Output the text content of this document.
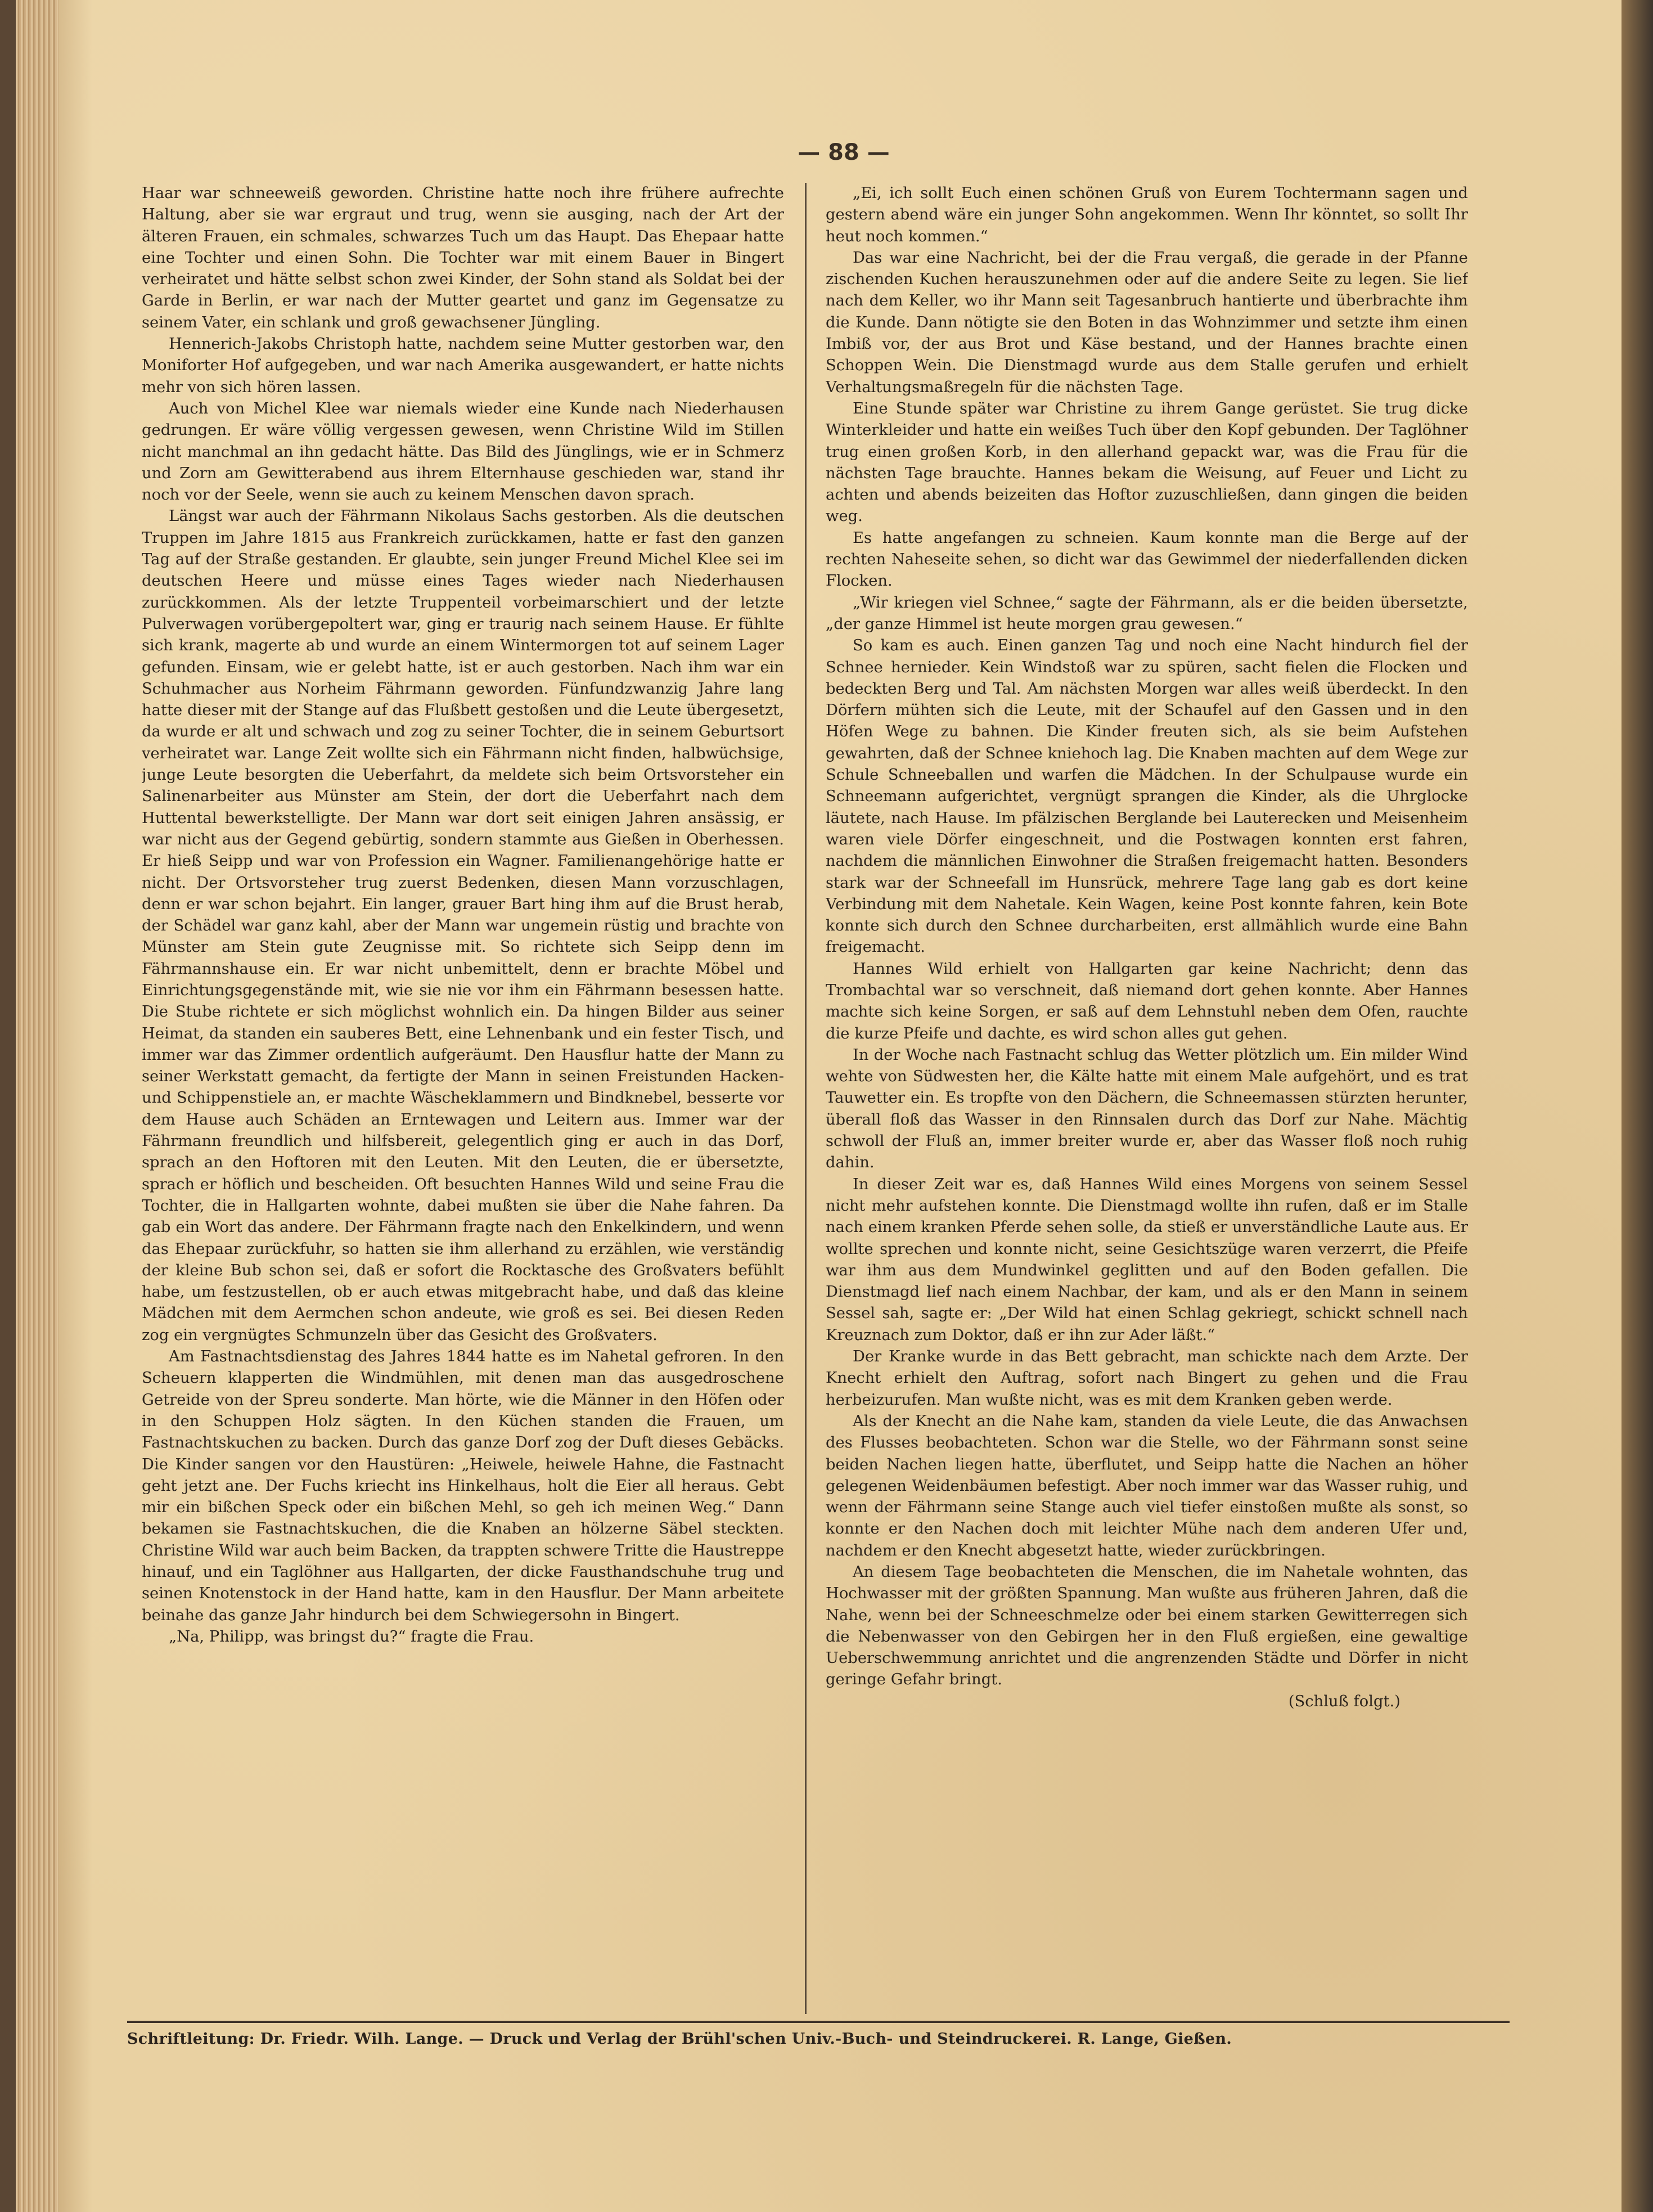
— 88 —

Haar war schneeweiß geworden. Christine hatte noch ihre frühere aufrechte Haltung, aber sie war ergraut und trug, wenn sie ausging, nach der Art der älteren Frauen, ein schmales, schwarzes Tuch um das Haupt. Das Ehepaar hatte eine Tochter und einen Sohn. Die Tochter war mit einem Bauer in Bingert verheiratet und hätte selbst schon zwei Kinder, der Sohn stand als Soldat bei der Garde in Berlin, er war nach der Mutter geartet und ganz im Gegensatze zu seinem Vater, ein schlank und groß gewachsener Jüngling.

Hennerich-Jakobs Christoph hatte, nachdem seine Mutter gestorben war, den Moniforter Hof aufgegeben, und war nach Amerika ausgewandert, er hatte nichts mehr von sich hören lassen.

Auch von Michel Klee war niemals wieder eine Kunde nach Niederhausen gedrungen. Er wäre völlig vergessen gewesen, wenn Christine Wild im Stillen nicht manchmal an ihn gedacht hätte. Das Bild des Jünglings, wie er in Schmerz und Zorn am Gewitterabend aus ihrem Elternhause geschieden war, stand ihr noch vor der Seele, wenn sie auch zu keinem Menschen davon sprach.

Längst war auch der Fährmann Nikolaus Sachs gestorben. Als die deutschen Truppen im Jahre 1815 aus Frankreich zurückkamen, hatte er fast den ganzen Tag auf der Straße gestanden. Er glaubte, sein junger Freund Michel Klee sei im deutschen Heere und müsse eines Tages wieder nach Niederhausen zurückkommen. Als der letzte Truppenteil vorbeimarschiert und der letzte Pulverwagen vorübergepoltert war, ging er traurig nach seinem Hause. Er fühlte sich krank, magerte ab und wurde an einem Wintermorgen tot auf seinem Lager gefunden. Einsam, wie er gelebt hatte, ist er auch gestorben. Nach ihm war ein Schuhmacher aus Norheim Fährmann geworden. Fünfundzwanzig Jahre lang hatte dieser mit der Stange auf das Flußbett gestoßen und die Leute übergesetzt, da wurde er alt und schwach und zog zu seiner Tochter, die in seinem Geburtsort verheiratet war. Lange Zeit wollte sich ein Fährmann nicht finden, halbwüchsige, junge Leute besorgten die Ueberfahrt, da meldete sich beim Ortsvorsteher ein Salinenarbeiter aus Münster am Stein, der dort die Ueberfahrt nach dem Huttental bewerkstelligte. Der Mann war dort seit einigen Jahren ansässig, er war nicht aus der Gegend gebürtig, sondern stammte aus Gießen in Oberhessen. Er hieß Seipp und war von Profession ein Wagner. Familienangehörige hatte er nicht. Der Ortsvorsteher trug zuerst Bedenken, diesen Mann vorzuschlagen, denn er war schon bejahrt. Ein langer, grauer Bart hing ihm auf die Brust herab, der Schädel war ganz kahl, aber der Mann war ungemein rüstig und brachte von Münster am Stein gute Zeugnisse mit. So richtete sich Seipp denn im Fährmannshause ein. Er war nicht unbemittelt, denn er brachte Möbel und Einrichtungsgegenstände mit, wie sie nie vor ihm ein Fährmann besessen hatte. Die Stube richtete er sich möglichst wohnlich ein. Da hingen Bilder aus seiner Heimat, da standen ein sauberes Bett, eine Lehnenbank und ein fester Tisch, und immer war das Zimmer ordentlich aufgeräumt. Den Hausflur hatte der Mann zu seiner Werkstatt gemacht, da fertigte der Mann in seinen Freistunden Hacken- und Schippenstiele an, er machte Wäscheklammern und Bindknebel, besserte vor dem Hause auch Schäden an Erntewagen und Leitern aus. Immer war der Fährmann freundlich und hilfsbereit, gelegentlich ging er auch in das Dorf, sprach an den Hoftoren mit den Leuten. Mit den Leuten, die er übersetzte, sprach er höflich und bescheiden. Oft besuchten Hannes Wild und seine Frau die Tochter, die in Hallgarten wohnte, dabei mußten sie über die Nahe fahren. Da gab ein Wort das andere. Der Fährmann fragte nach den Enkelkindern, und wenn das Ehepaar zurückfuhr, so hatten sie ihm allerhand zu erzählen, wie verständig der kleine Bub schon sei, daß er sofort die Rocktasche des Großvaters befühlt habe, um festzustellen, ob er auch etwas mitgebracht habe, und daß das kleine Mädchen mit dem Aermchen schon andeute, wie groß es sei. Bei diesen Reden zog ein vergnügtes Schmunzeln über das Gesicht des Großvaters.

Am Fastnachtsdienstag des Jahres 1844 hatte es im Nahetal gefroren. In den Scheuern klapperten die Windmühlen, mit denen man das ausgedroschene Getreide von der Spreu sonderte. Man hörte, wie die Männer in den Höfen oder in den Schuppen Holz sägten. In den Küchen standen die Frauen, um Fastnachtskuchen zu backen. Durch das ganze Dorf zog der Duft dieses Gebäcks. Die Kinder sangen vor den Haustüren: „Heiwele, heiwele Hahne, die Fastnacht geht jetzt ane. Der Fuchs kriecht ins Hinkelhaus, holt die Eier all heraus. Gebt mir ein bißchen Speck oder ein bißchen Mehl, so geh ich meinen Weg.“ Dann bekamen sie Fastnachtskuchen, die die Knaben an hölzerne Säbel steckten. Christine Wild war auch beim Backen, da trappten schwere Tritte die Haustreppe hinauf, und ein Taglöhner aus Hallgarten, der dicke Fausthandschuhe trug und seinen Knotenstock in der Hand hatte, kam in den Hausflur. Der Mann arbeitete beinahe das ganze Jahr hindurch bei dem Schwiegersohn in Bingert.

„Na, Philipp, was bringst du?“ fragte die Frau.

„Ei, ich sollt Euch einen schönen Gruß von Eurem Tochtermann sagen und gestern abend wäre ein junger Sohn angekommen. Wenn Ihr könntet, so sollt Ihr heut noch kommen.“

Das war eine Nachricht, bei der die Frau vergaß, die gerade in der Pfanne zischenden Kuchen herauszunehmen oder auf die andere Seite zu legen. Sie lief nach dem Keller, wo ihr Mann seit Tagesanbruch hantierte und überbrachte ihm die Kunde. Dann nötigte sie den Boten in das Wohnzimmer und setzte ihm einen Imbiß vor, der aus Brot und Käse bestand, und der Hannes brachte einen Schoppen Wein. Die Dienstmagd wurde aus dem Stalle gerufen und erhielt Verhaltungsmaßregeln für die nächsten Tage.

Eine Stunde später war Christine zu ihrem Gange gerüstet. Sie trug dicke Winterkleider und hatte ein weißes Tuch über den Kopf gebunden. Der Taglöhner trug einen großen Korb, in den allerhand gepackt war, was die Frau für die nächsten Tage brauchte. Hannes bekam die Weisung, auf Feuer und Licht zu achten und abends beizeiten das Hoftor zuzuschließen, dann gingen die beiden weg.

Es hatte angefangen zu schneien. Kaum konnte man die Berge auf der rechten Naheseite sehen, so dicht war das Gewimmel der niederfallenden dicken Flocken.

„Wir kriegen viel Schnee,“ sagte der Fährmann, als er die beiden übersetzte, „der ganze Himmel ist heute morgen grau gewesen.“

So kam es auch. Einen ganzen Tag und noch eine Nacht hindurch fiel der Schnee hernieder. Kein Windstoß war zu spüren, sacht fielen die Flocken und bedeckten Berg und Tal. Am nächsten Morgen war alles weiß überdeckt. In den Dörfern mühten sich die Leute, mit der Schaufel auf den Gassen und in den Höfen Wege zu bahnen. Die Kinder freuten sich, als sie beim Aufstehen gewahrten, daß der Schnee kniehoch lag. Die Knaben machten auf dem Wege zur Schule Schneeballen und warfen die Mädchen. In der Schulpause wurde ein Schneemann aufgerichtet, vergnügt sprangen die Kinder, als die Uhrglocke läutete, nach Hause. Im pfälzischen Berglande bei Lauterecken und Meisenheim waren viele Dörfer eingeschneit, und die Postwagen konnten erst fahren, nachdem die männlichen Einwohner die Straßen freigemacht hatten. Besonders stark war der Schneefall im Hunsrück, mehrere Tage lang gab es dort keine Verbindung mit dem Nahetale. Kein Wagen, keine Post konnte fahren, kein Bote konnte sich durch den Schnee durcharbeiten, erst allmählich wurde eine Bahn freigemacht.

Hannes Wild erhielt von Hallgarten gar keine Nachricht; denn das Trombachtal war so verschneit, daß niemand dort gehen konnte. Aber Hannes machte sich keine Sorgen, er saß auf dem Lehnstuhl neben dem Ofen, rauchte die kurze Pfeife und dachte, es wird schon alles gut gehen.

In der Woche nach Fastnacht schlug das Wetter plötzlich um. Ein milder Wind wehte von Südwesten her, die Kälte hatte mit einem Male aufgehört, und es trat Tauwetter ein. Es tropfte von den Dächern, die Schneemassen stürzten herunter, überall floß das Wasser in den Rinnsalen durch das Dorf zur Nahe. Mächtig schwoll der Fluß an, immer breiter wurde er, aber das Wasser floß noch ruhig dahin.

In dieser Zeit war es, daß Hannes Wild eines Morgens von seinem Sessel nicht mehr aufstehen konnte. Die Dienstmagd wollte ihn rufen, daß er im Stalle nach einem kranken Pferde sehen solle, da stieß er unverständliche Laute aus. Er wollte sprechen und konnte nicht, seine Gesichtszüge waren verzerrt, die Pfeife war ihm aus dem Mundwinkel geglitten und auf den Boden gefallen. Die Dienstmagd lief nach einem Nachbar, der kam, und als er den Mann in seinem Sessel sah, sagte er: „Der Wild hat einen Schlag gekriegt, schickt schnell nach Kreuznach zum Doktor, daß er ihn zur Ader läßt.“

Der Kranke wurde in das Bett gebracht, man schickte nach dem Arzte. Der Knecht erhielt den Auftrag, sofort nach Bingert zu gehen und die Frau herbeizurufen. Man wußte nicht, was es mit dem Kranken geben werde.

Als der Knecht an die Nahe kam, standen da viele Leute, die das Anwachsen des Flusses beobachteten. Schon war die Stelle, wo der Fährmann sonst seine beiden Nachen liegen hatte, überflutet, und Seipp hatte die Nachen an höher gelegenen Weidenbäumen befestigt. Aber noch immer war das Wasser ruhig, und wenn der Fährmann seine Stange auch viel tiefer einstoßen mußte als sonst, so konnte er den Nachen doch mit leichter Mühe nach dem anderen Ufer und, nachdem er den Knecht abgesetzt hatte, wieder zurückbringen.

An diesem Tage beobachteten die Menschen, die im Nahetale wohnten, das Hochwasser mit der größten Spannung. Man wußte aus früheren Jahren, daß die Nahe, wenn bei der Schneeschmelze oder bei einem starken Gewitterregen sich die Nebenwasser von den Gebirgen her in den Fluß ergießen, eine gewaltige Ueberschwemmung anrichtet und die angrenzenden Städte und Dörfer in nicht geringe Gefahr bringt.

(Schluß folgt.)

Schriftleitung: Dr. Friedr. Wilh. Lange. — Druck und Verlag der Brühl'schen Univ.-Buch- und Steindruckerei. R. Lange, Gießen.
